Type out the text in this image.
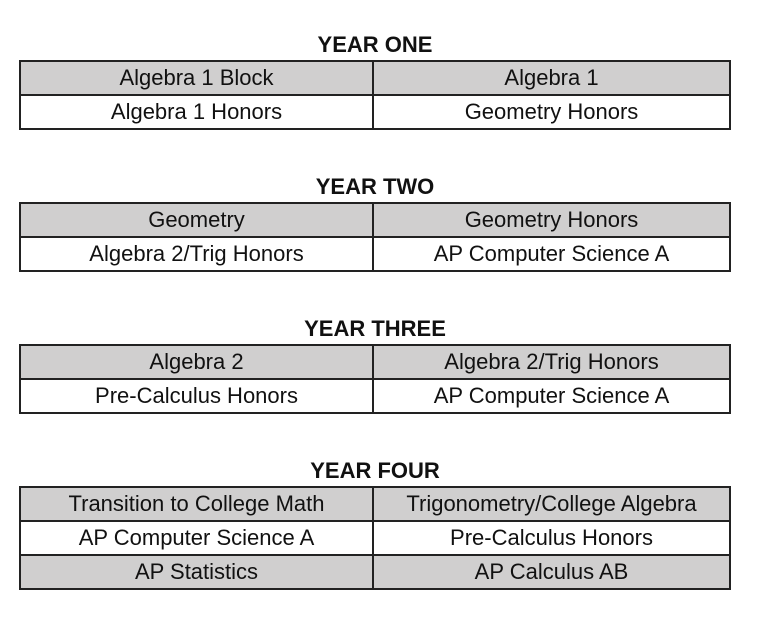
YEAR ONE
Algebra 1 Block	Algebra 1
Algebra 1 Honors	Geometry Honors
YEAR TWO
Geometry	Geometry Honors
Algebra 2/Trig Honors	AP Computer Science A
YEAR THREE
Algebra 2	Algebra 2/Trig Honors
Pre-Calculus Honors	AP Computer Science A
YEAR FOUR
Transition to College Math	Trigonometry/College Algebra
AP Computer Science A	Pre-Calculus Honors
AP Statistics	AP Calculus AB
